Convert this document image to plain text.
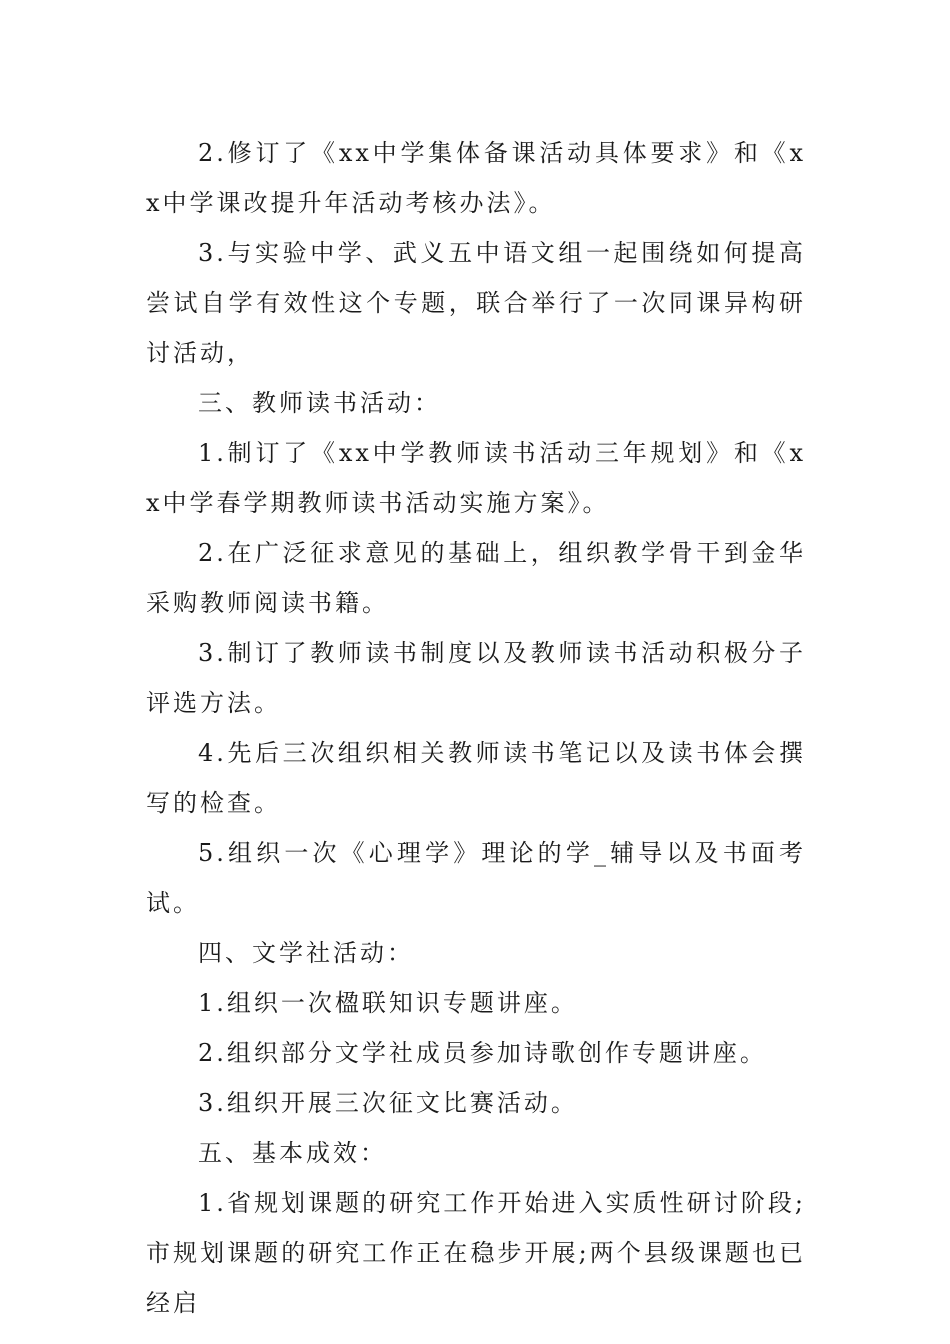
2.修订了《xx中学集体备课活动具体要求》和《xx中学课改提升年活动考核办法》。

3.与实验中学、武义五中语文组一起围绕如何提高尝试自学有效性这个专题，联合举行了一次同课异构研讨活动，

三、教师读书活动：

1.制订了《xx中学教师读书活动三年规划》和《xx中学春学期教师读书活动实施方案》。

2.在广泛征求意见的基础上，组织教学骨干到金华采购教师阅读书籍。

3.制订了教师读书制度以及教师读书活动积极分子评选方法。

4.先后三次组织相关教师读书笔记以及读书体会撰写的检查。

5.组织一次《心理学》理论的学_辅导以及书面考试。

四、文学社活动：

1.组织一次楹联知识专题讲座。

2.组织部分文学社成员参加诗歌创作专题讲座。

3.组织开展三次征文比赛活动。

五、基本成效：

1.省规划课题的研究工作开始进入实质性研讨阶段;市规划课题的研究工作正在稳步开展;两个县级课题也已经启
